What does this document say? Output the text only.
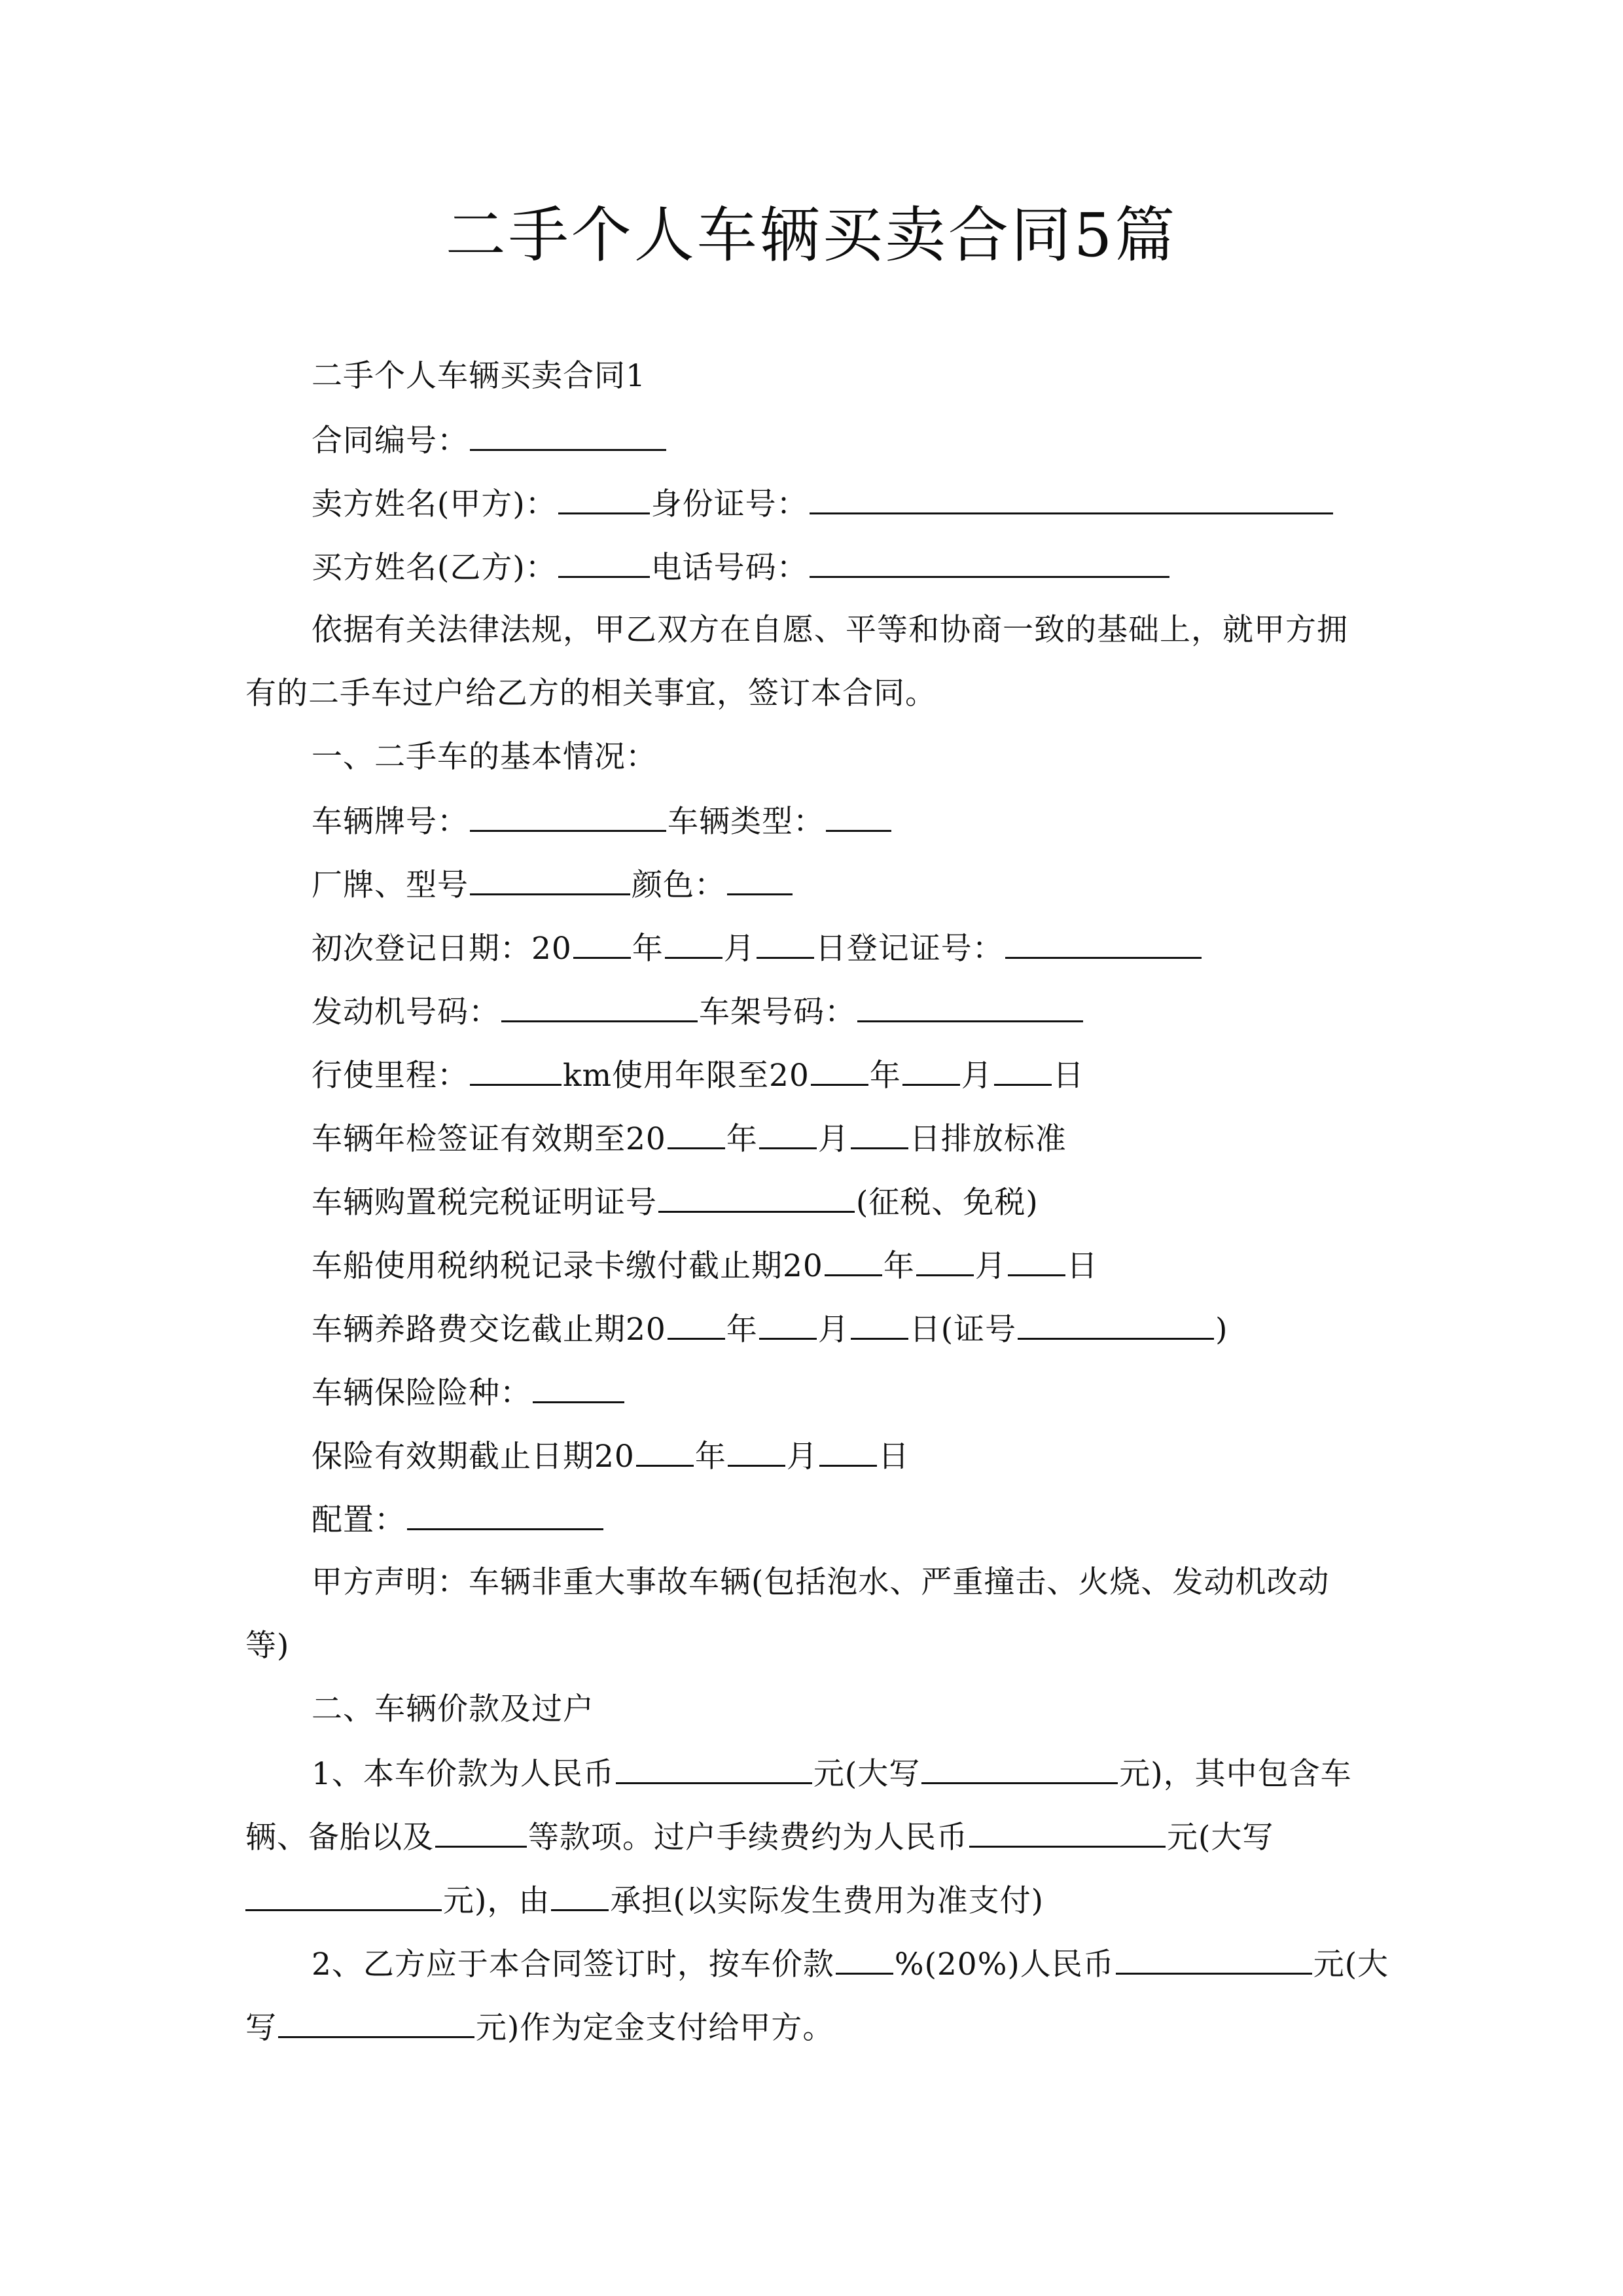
二手个人车辆买卖合同5篇
二手个人车辆买卖合同1
合同编号：
卖方姓名(甲方)：	身份证号：
买方姓名(乙方)：	电话号码：
依据有关法律法规，甲乙双方在自愿、平等和协商一致的基础上，就甲方拥
有的二手车过户给乙方的相关事宜，签订本合同。
一、二手车的基本情况：
车辆牌号：	车辆类型：
厂牌、型号	颜色：
初次登记日期：20 年 月 日登记证号：
发动机号码：	车架号码：
行使里程：	km使用年限至20 年 月 日
车辆年检签证有效期至20 年 月 日排放标准
车辆购置税完税证明证号	(征税、免税)
车船使用税纳税记录卡缴付截止期20 年 月 日
车辆养路费交讫截止期20 年 月 日(证号	)
车辆保险险种：
保险有效期截止日期20 年 月 日
配置：
甲方声明：车辆非重大事故车辆(包括泡水、严重撞击、火烧、发动机改动
等)
二、车辆价款及过户
1、本车价款为人民币	元(大写	元)，其中包含车
辆、备胎以及	等款项。过户手续费约为人民币	元(大写
元)，由 承担(以实际发生费用为准支付)
2、乙方应于本合同签订时，按车价款 %(20%)人民币	元(大
写	元)作为定金支付给甲方。
